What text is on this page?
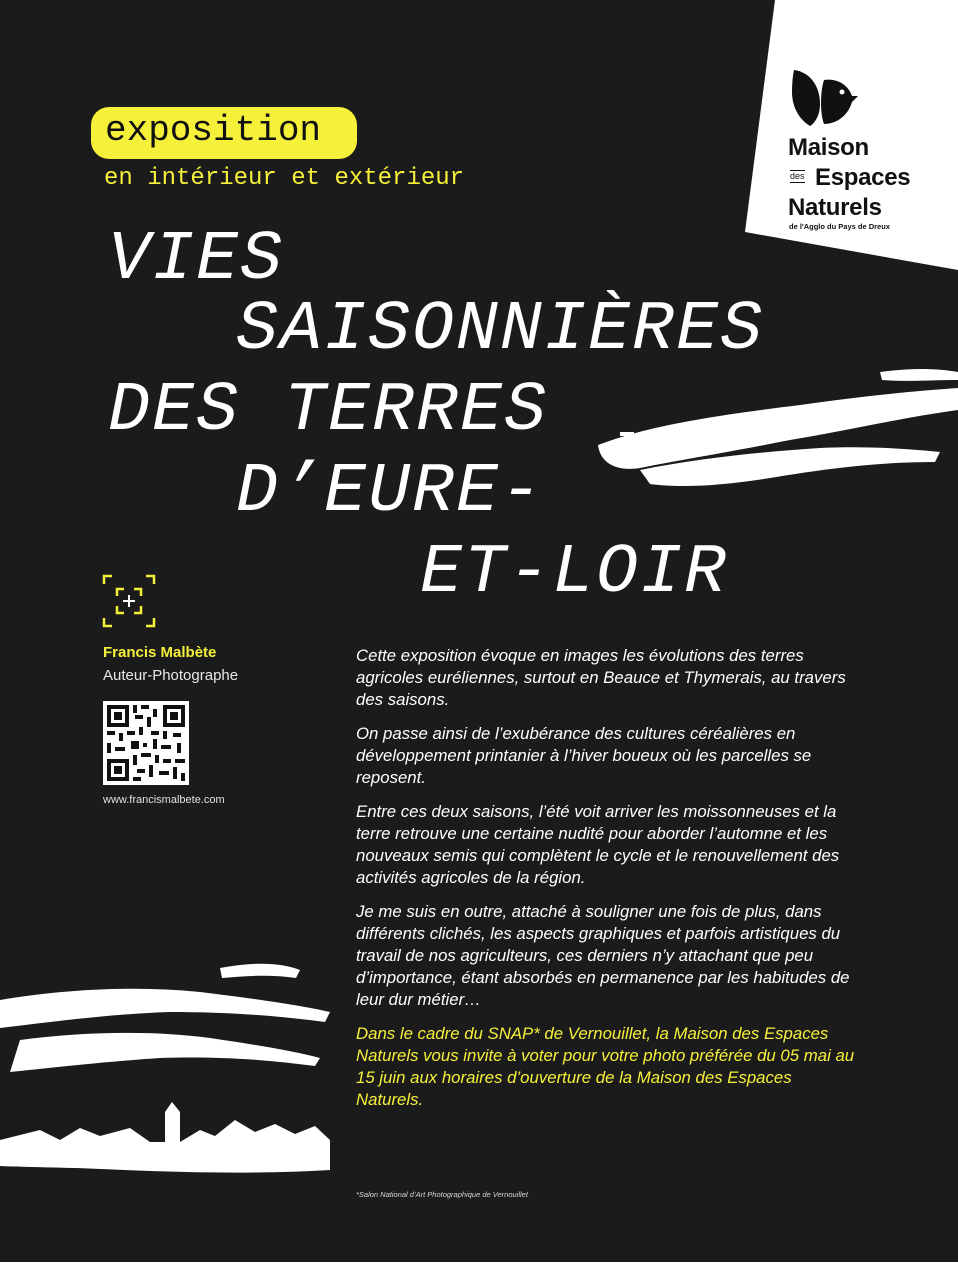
Maison
des Espaces
Naturels
de l'Agglo du Pays de Dreux
exposition
en intérieur et extérieur
VIES
SAISONNIÈRES
DES TERRES
D’EURE-
ET-LOIR
Francis Malbète
Auteur-Photographe
www.francismalbete.com

Cette exposition évoque en images les évolutions des terres agricoles euréliennes, surtout en Beauce et Thymerais, au travers des saisons.

On passe ainsi de l’exubérance des cultures céréalières en développement printanier à l’hiver boueux où les parcelles se reposent.

Entre ces deux saisons, l’été voit arriver les moissonneuses et la terre retrouve une certaine nudité pour aborder l’automne et les nouveaux semis qui complètent le cycle et le renouvellement des activités agricoles de la région.

Je me suis en outre, attaché à souligner une fois de plus, dans différents clichés, les aspects graphiques et parfois artistiques du travail de nos agriculteurs, ces derniers n’y attachant que peu d’importance, étant absorbés en permanence par les habitudes de leur dur métier…

Dans le cadre du SNAP* de Vernouillet, la Maison des Espaces Naturels vous invite à voter pour votre photo préférée du 05 mai au 15 juin aux horaires d’ouverture de la Maison des Espaces Naturels.

*Salon National d’Art Photographique de Vernouillet
